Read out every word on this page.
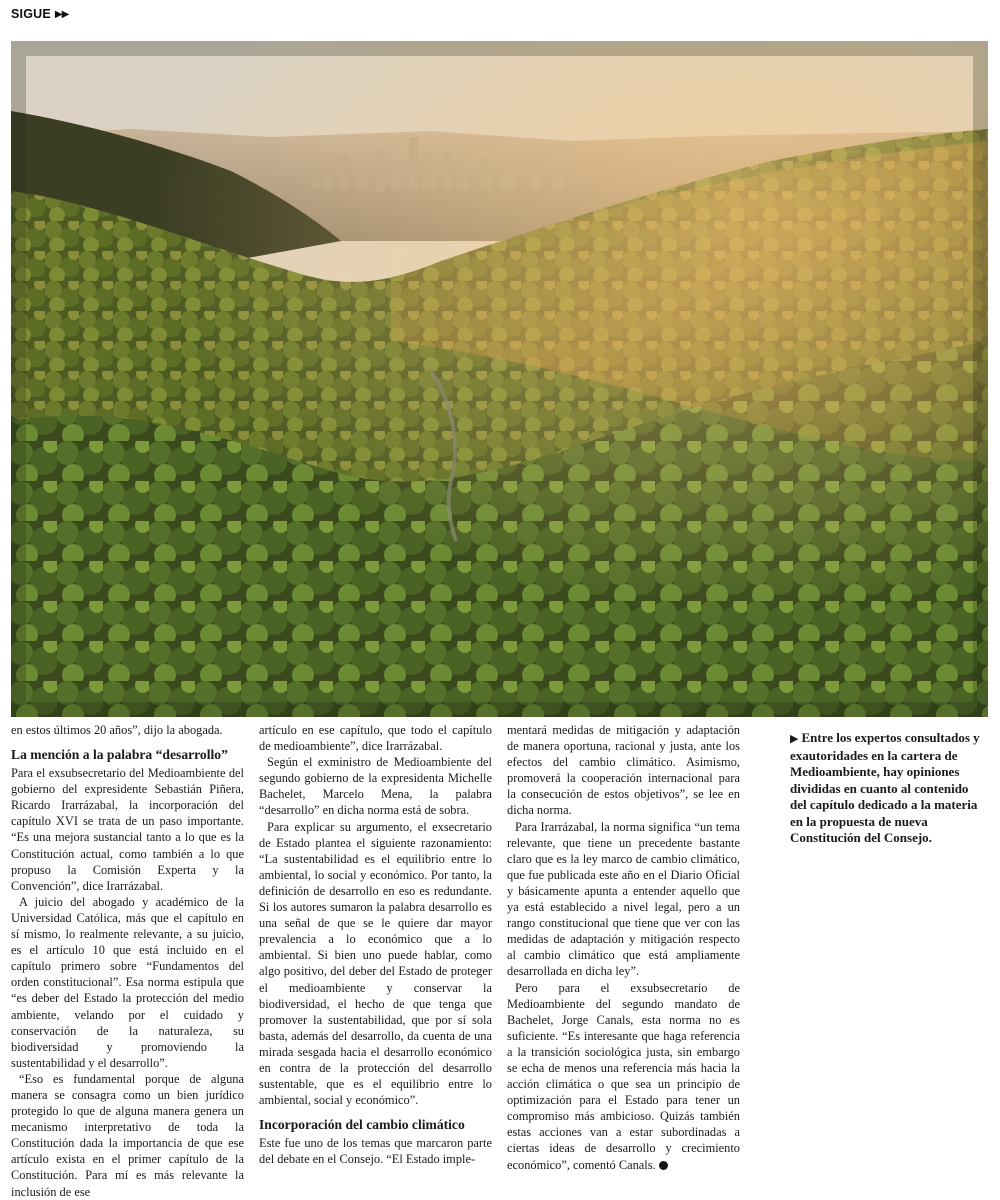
SIGUE ▶▶

en estos últimos 20 años”, dijo la abogada.

La mención a la palabra “desarrollo”

Para el exsubsecretario del Medioambiente del gobierno del expresidente Sebastián Piñera, Ricardo Irarrázabal, la incorporación del capítulo XVI se trata de un paso importante. “Es una mejora sustancial tanto a lo que es la Constitución actual, como también a lo que propuso la Comisión Experta y la Convención”, dice Irarrázabal.

A juicio del abogado y académico de la Universidad Católica, más que el capítulo en sí mismo, lo realmente relevante, a su juicio, es el artículo 10 que está incluido en el capítulo primero sobre “Fundamentos del orden constitucional”. Esa norma estipula que “es deber del Estado la protección del medio ambiente, velando por el cuidado y conservación de la naturaleza, su biodiversidad y promoviendo la sustentabilidad y el desarrollo”.

“Eso es fundamental porque de alguna manera se consagra como un bien jurídico protegido lo que de alguna manera genera un mecanismo interpretativo de toda la Constitución dada la importancia de que ese artículo exista en el primer capítulo de la Constitución. Para mí es más relevante la inclusión de ese

artículo en ese capítulo, que todo el capítulo de medioambiente”, dice Irarrázabal.

Según el exministro de Medioambiente del segundo gobierno de la expresidenta Michelle Bachelet, Marcelo Mena, la palabra “desarrollo” en dicha norma está de sobra.

Para explicar su argumento, el exsecretario de Estado plantea el siguiente razonamiento: “La sustentabilidad es el equilibrio entre lo ambiental, lo social y económico. Por tanto, la definición de desarrollo en eso es redundante. Si los autores sumaron la palabra desarrollo es una señal de que se le quiere dar mayor prevalencia a lo económico que a lo ambiental. Si bien uno puede hablar, como algo positivo, del deber del Estado de proteger el medioambiente y conservar la biodiversidad, el hecho de que tenga que promover la sustentabilidad, que por sí sola basta, además del desarrollo, da cuenta de una mirada sesgada hacia el desarrollo económico en contra de la protección del desarrollo sustentable, que es el equilibrio entre lo ambiental, social y económico”.

Incorporación del cambio climático

Este fue uno de los temas que marcaron parte del debate en el Consejo. “El Estado imple-

mentará medidas de mitigación y adaptación de manera oportuna, racional y justa, ante los efectos del cambio climático. Asimismo, promoverá la cooperación internacional para la consecución de estos objetivos”, se lee en dicha norma.

Para Irarrázabal, la norma significa “un tema relevante, que tiene un precedente bastante claro que es la ley marco de cambio climático, que fue publicada este año en el Diario Oficial y básicamente apunta a entender aquello que ya está establecido a nivel legal, pero a un rango constitucional que tiene que ver con las medidas de adaptación y mitigación respecto al cambio climático que está ampliamente desarrollada en dicha ley”.

Pero para el exsubsecretario de Medioambiente del segundo mandato de Bachelet, Jorge Canals, esta norma no es suficiente. “Es interesante que haga referencia a la transición sociológica justa, sin embargo se echa de menos una referencia más hacia la acción climática o que sea un principio de optimización para el Estado para tener un compromiso más ambicioso. Quizás también estas acciones van a estar subordinadas a ciertas ideas de desarrollo y crecimiento económico”, comentó Canals.

▶ Entre los expertos consultados y exautoridades en la cartera de Medioambiente, hay opiniones divididas en cuanto al contenido del capítulo dedicado a la materia en la propuesta de nueva Constitución del Consejo.
